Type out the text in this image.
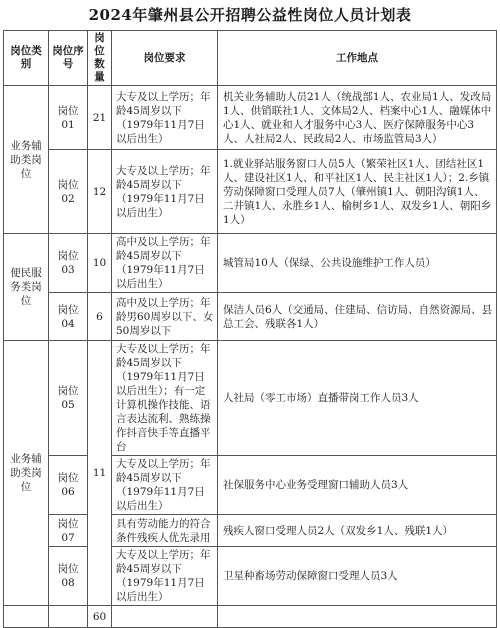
2024年肇州县公开招聘公益性岗位人员计划表
岗位类别	岗位序号	岗位数量	岗位要求	工作地点
业务辅助类岗位	岗位01	21	大专及以上学历；年龄45周岁以下（1979年11月7日以后出生）	机关业务辅助人员21人（统战部1人、农业局1人、发改局1人、供销联社1人、文体局2人、档案中心1人、融媒体中心1人、就业和人才服务中心3人、医疗保障服务中心3人、人社局2人、民政局2人、市场监管局3人）
	岗位02	12	大专及以上学历；年龄45周岁以下（1979年11月7日以后出生）	1.就业驿站服务窗口人员5人（繁荣社区1人、团结社区1人、建设社区1人、和平社区1人、民主社区1人）；2.乡镇劳动保障窗口受理人员7人（肇州镇1人、朝阳沟镇1人、二井镇1人、永胜乡1人、榆树乡1人、双发乡1人、朝阳乡1人）
便民服务类岗位	岗位03	10	高中及以上学历；年龄45周岁以下（1979年11月7日以后出生）	城管局10人（保绿、公共设施维护工作人员）
	岗位04	6	高中及以上学历；年龄男60周岁以下、女50周岁以下	保洁人员6人（交通局、住建局、信访局、自然资源局、县总工会、残联各1人）
业务辅助类岗位	岗位05	11	大专及以上学历；年龄45周岁以下（1979年11月7日以后出生）；有一定计算机操作技能、语言表达流利、熟练操作抖音快手等直播平台	人社局（零工市场）直播带岗工作人员3人
	岗位06		大专及以上学历；年龄45周岁以下（1979年11月7日以后出生）	社保服务中心业务受理窗口辅助人员3人
	岗位07		具有劳动能力的符合条件残疾人优先录用	残疾人窗口受理人员2人（双发乡1人、残联1人）
	岗位08		大专及以上学历；年龄45周岁以下（1979年11月7日以后出生）	卫星种畜场劳动保障窗口受理人员3人
		60		
